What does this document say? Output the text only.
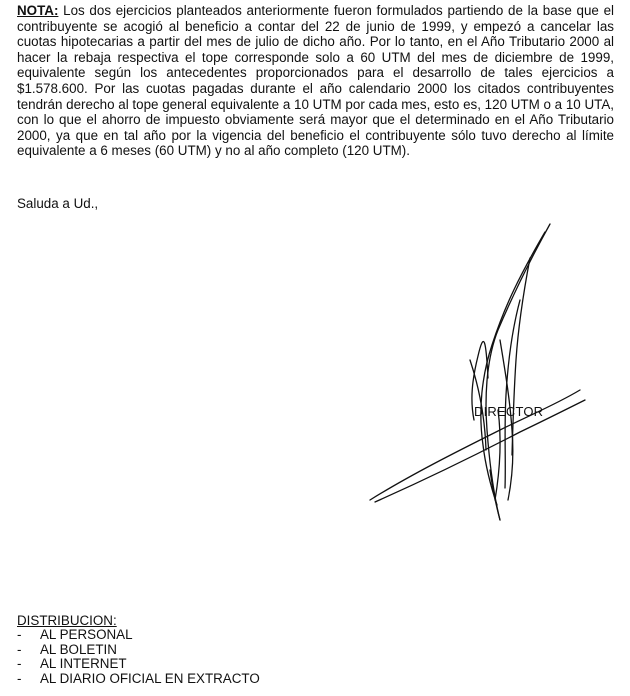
NOTA: Los dos ejercicios planteados anteriormente fueron formulados partiendo de la base que el contribuyente se acogió al beneficio a contar del 22 de junio de 1999, y empezó a cancelar las cuotas hipotecarias a partir del mes de julio de dicho año. Por lo tanto, en el Año Tributario 2000 al hacer la rebaja respectiva el tope corresponde solo a 60 UTM del mes de diciembre de 1999, equivalente según los antecedentes proporcionados para el desarrollo de tales ejercicios a $1.578.600. Por las cuotas pagadas durante el año calendario 2000 los citados contribuyentes tendrán derecho al tope general equivalente a 10 UTM por cada mes, esto es, 120 UTM o a 10 UTA, con lo que el ahorro de impuesto obviamente será mayor que el determinado en el Año Tributario 2000, ya que en tal año por la vigencia del beneficio el contribuyente sólo tuvo derecho al límite equivalente a 6 meses (60 UTM) y no al año completo (120 UTM).

Saluda a Ud.,
DIRECTOR
DISTRIBUCION:
-	AL PERSONAL
-	AL BOLETIN
-	AL INTERNET
-	AL DIARIO OFICIAL EN EXTRACTO
